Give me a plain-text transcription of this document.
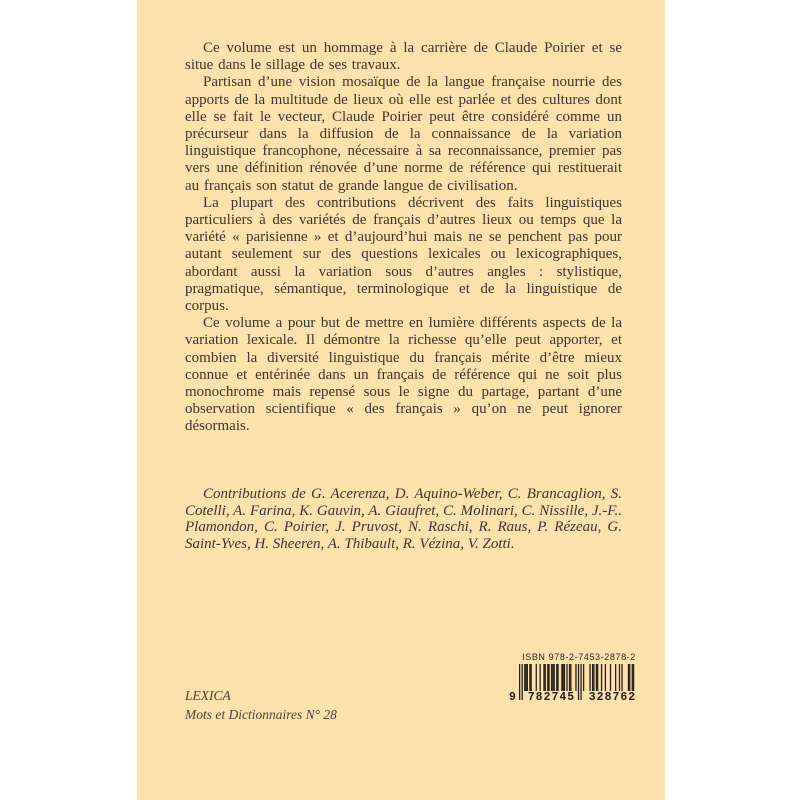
Ce volume est un hommage à la carrière de Claude Poirier et se situe dans le sillage de ses travaux.

Partisan d’une vision mosaïque de la langue française nourrie des apports de la multitude de lieux où elle est parlée et des cultures dont elle se fait le vecteur, Claude Poirier peut être considéré comme un précurseur dans la diffusion de la connaissance de la variation linguistique francophone, nécessaire à sa reconnaissance, premier pas vers une définition rénovée d’une norme de référence qui restituerait au français son statut de grande langue de civilisation.

La plupart des contributions décrivent des faits linguistiques particuliers à des variétés de français d’autres lieux ou temps que la variété « parisienne » et d’aujourd’hui mais ne se penchent pas pour autant seulement sur des questions lexicales ou lexicographiques, abordant aussi la variation sous d’autres angles : stylistique, pragmatique, sémantique, terminologique et de la linguistique de corpus.

Ce volume a pour but de mettre en lumière différents aspects de la variation lexicale. Il démontre la richesse qu’elle peut apporter, et combien la diversité linguistique du français mérite d’être mieux connue et entérinée dans un français de référence qui ne soit plus monochrome mais repensé sous le signe du partage, partant d’une observation scientifique « des français » qu’on ne peut ignorer désormais.

Contributions de G. Acerenza, D. Aquino-Weber, C. Brancaglion, S. Cotelli, A. Farina, K. Gauvin, A. Giaufret, C. Molinari, C. Nissille, J.-F.. Plamondon, C. Poirier, J. Pruvost, N. Raschi, R. Raus, P. Rézeau, G. Saint-Yves, H. Sheeren, A. Thibault, R. Vézina, V. Zotti.

LEXICA
Mots et Dictionnaires N° 28
ISBN 978-2-7453-2878-2
9 782745	328762
